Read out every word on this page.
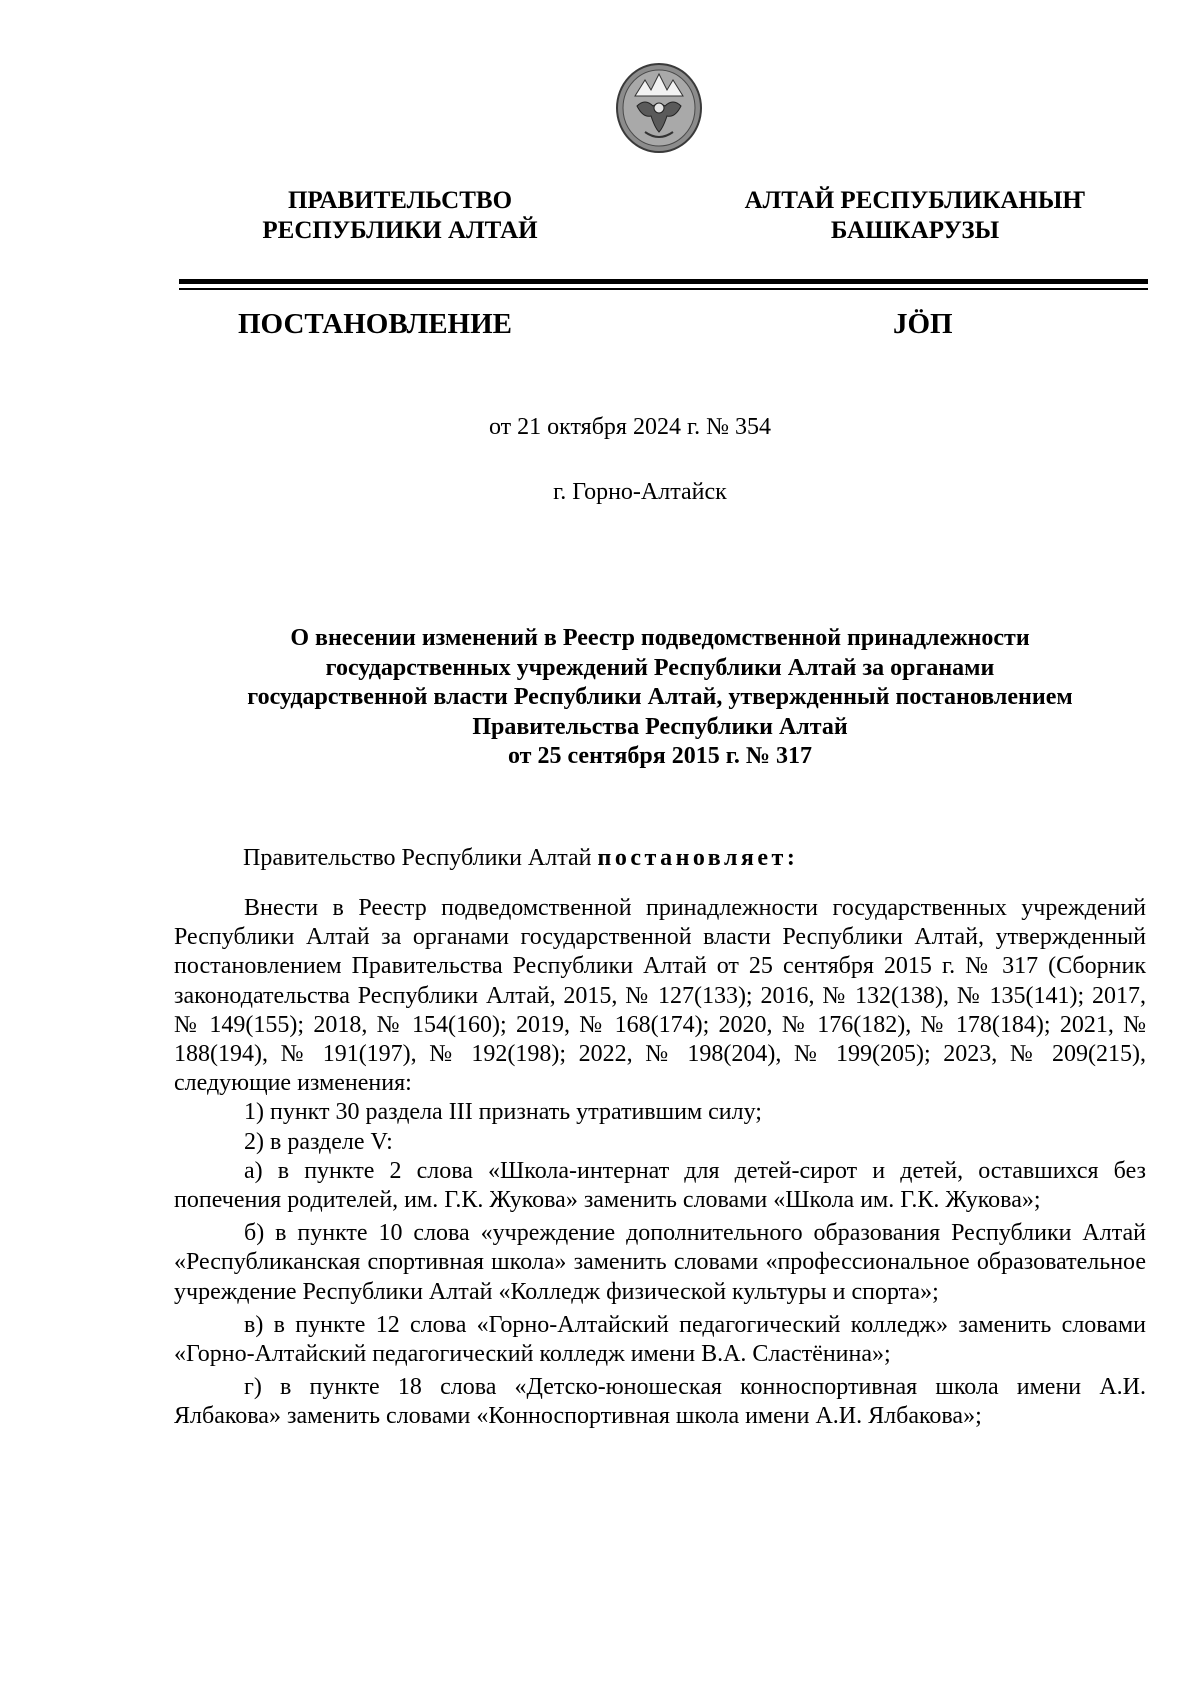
ПРАВИТЕЛЬСТВО
РЕСПУБЛИКИ АЛТАЙ
АЛТАЙ РЕСПУБЛИКАНЫҤ
БАШКАРУЗЫ
ПОСТАНОВЛЕНИЕ	JÖП
от 21 октября 2024 г. № 354
г. Горно-Алтайск
О внесении изменений в Реестр подведомственной принадлежности
государственных учреждений Республики Алтай за органами
государственной власти Республики Алтай, утвержденный постановлением
Правительства Республики Алтай
от 25 сентября 2015 г. № 317
Правительство Республики Алтай постановляет:

Внести в Реестр подведомственной принадлежности государственных учреждений Республики Алтай за органами государственной власти Республики Алтай, утвержденный постановлением Правительства Республики Алтай от 25 сентября 2015 г. № 317 (Сборник законодательства Республики Алтай, 2015, № 127(133); 2016, № 132(138), № 135(141); 2017, № 149(155); 2018, № 154(160); 2019, № 168(174); 2020, № 176(182), № 178(184); 2021, № 188(194), № 191(197), № 192(198); 2022, № 198(204), № 199(205); 2023, № 209(215), следующие изменения:

1) пункт 30 раздела III признать утратившим силу;

2) в разделе V:

а) в пункте 2 слова «Школа-интернат для детей-сирот и детей, оставшихся без попечения родителей, им. Г.К. Жукова» заменить словами «Школа им. Г.К. Жукова»;

б) в пункте 10 слова «учреждение дополнительного образования Республики Алтай «Республиканская спортивная школа» заменить словами «профессиональное образовательное учреждение Республики Алтай «Колледж физической культуры и спорта»;

в) в пункте 12 слова «Горно-Алтайский педагогический колледж» заменить словами «Горно-Алтайский педагогический колледж имени В.А. Сластёнина»;

г) в пункте 18 слова «Детско-юношеская конноспортивная школа имени А.И. Ялбакова» заменить словами «Конноспортивная школа имени А.И. Ялбакова»;
